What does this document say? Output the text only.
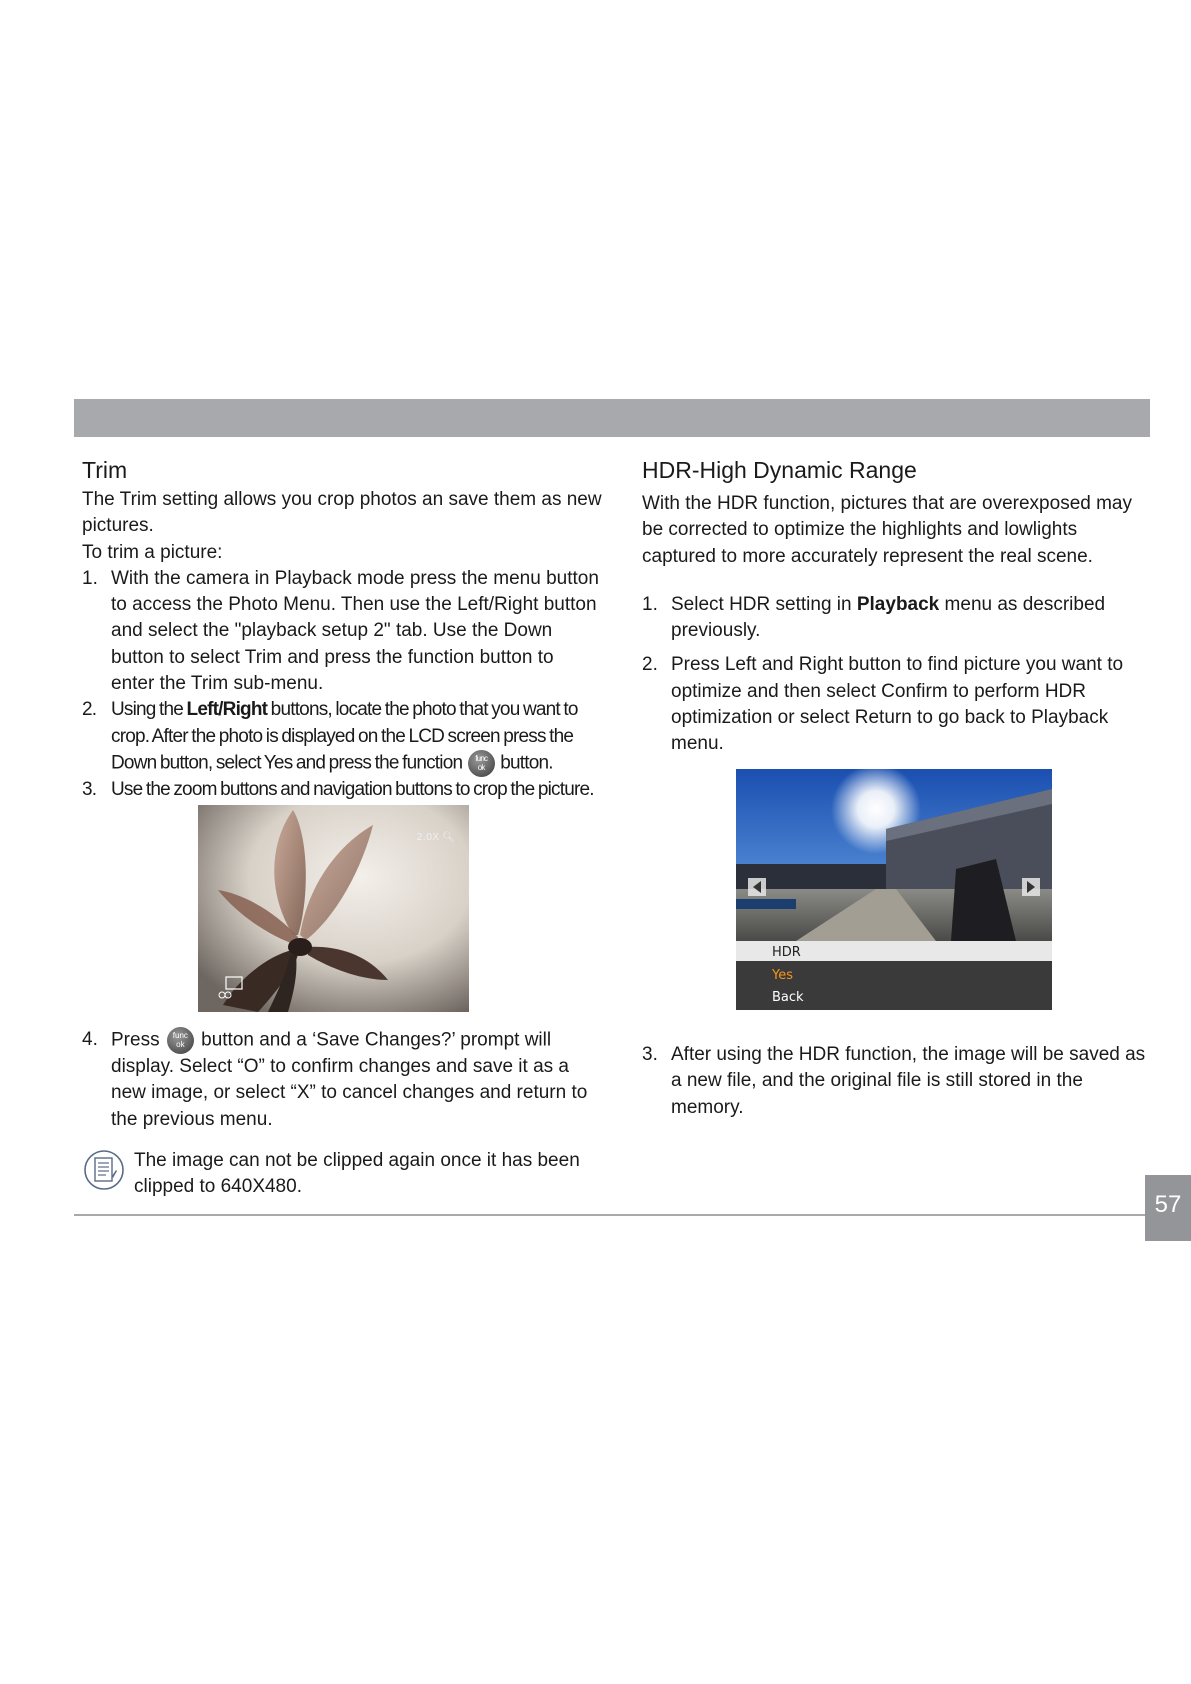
Trim
The Trim setting allows you crop photos an save them as new pictures.
To trim a picture:
1. With the camera in Playback mode press the menu button to access the Photo Menu. Then use the Left/Right button and select the "playback setup 2" tab. Use the Down button to select Trim and press the function button to enter the Trim sub-menu.
2. Using the Left/Right buttons, locate the photo that you want to crop. After the photo is displayed on the LCD screen press the Down button, select Yes and press the function func
ok button.
3. Use the zoom buttons and navigation buttons to crop the picture.
2.0X 🔍︎
4. Press func
ok button and a ‘Save Changes?’ prompt will display. Select “O” to confirm changes and save it as a new image, or select “X” to cancel changes and return to the previous menu.
The image can not be clipped again once it has been clipped to 640X480.
HDR-High Dynamic Range
With the HDR function, pictures that are overexposed may be corrected to optimize the highlights and lowlights captured to more accurately represent the real scene.
1. Select HDR setting in Playback menu as described previously.
2. Press Left and Right button to find picture you want to optimize and then select Confirm to perform HDR optimization or select Return to go back to Playback menu.
HDR
Yes
Back
3. After using the HDR function, the image will be saved as a new file, and the original file is still stored in the memory.
57
